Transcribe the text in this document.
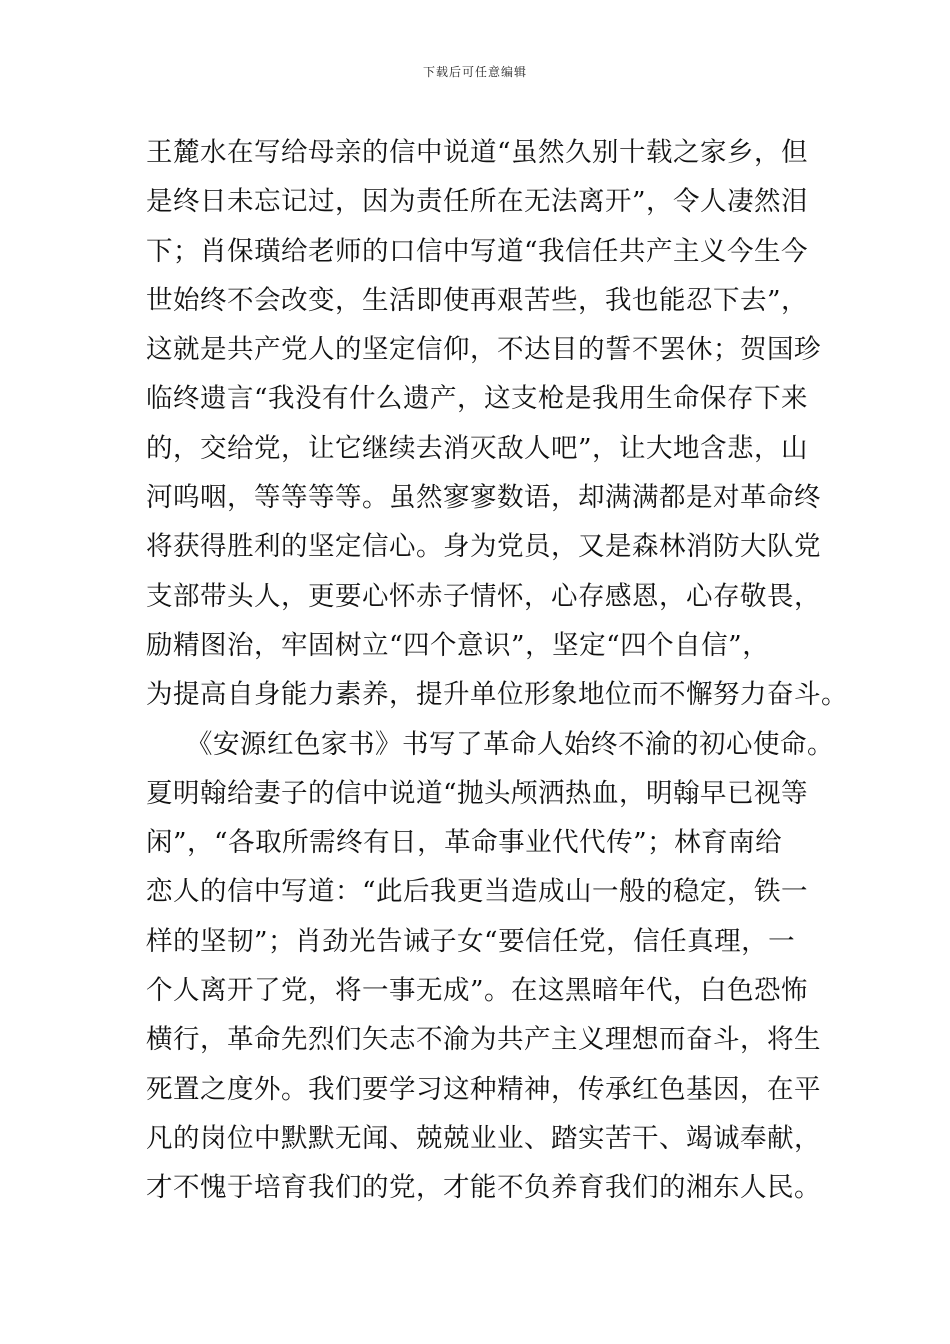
下载后可任意编辑
王麓水在写给母亲的信中说道“虽然久别十载之家乡，但
是终日未忘记过，因为责任所在无法离开”，令人凄然泪
下；肖保璜给老师的口信中写道“我信任共产主义今生今
世始终不会改变，生活即使再艰苦些，我也能忍下去”，
这就是共产党人的坚定信仰，不达目的誓不罢休；贺国珍
临终遗言“我没有什么遗产，这支枪是我用生命保存下来
的，交给党，让它继续去消灭敌人吧”，让大地含悲，山
河呜咽，等等等等。虽然寥寥数语，却满满都是对革命终
将获得胜利的坚定信心。身为党员，又是森林消防大队党
支部带头人，更要心怀赤子情怀，心存感恩，心存敬畏，
励精图治，牢固树立“四个意识”，坚定“四个自信”，
为提高自身能力素养，提升单位形象地位而不懈努力奋斗。
《安源红色家书》书写了革命人始终不渝的初心使命。
夏明翰给妻子的信中说道“抛头颅洒热血，明翰早已视等
闲”，“各取所需终有日，革命事业代代传”；林育南给
恋人的信中写道：“此后我更当造成山一般的稳定，铁一
样的坚韧”；肖劲光告诫子女“要信任党，信任真理，一
个人离开了党，将一事无成”。在这黑暗年代，白色恐怖
横行，革命先烈们矢志不渝为共产主义理想而奋斗，将生
死置之度外。我们要学习这种精神，传承红色基因，在平
凡的岗位中默默无闻、兢兢业业、踏实苦干、竭诚奉献，
才不愧于培育我们的党，才能不负养育我们的湘东人民。
